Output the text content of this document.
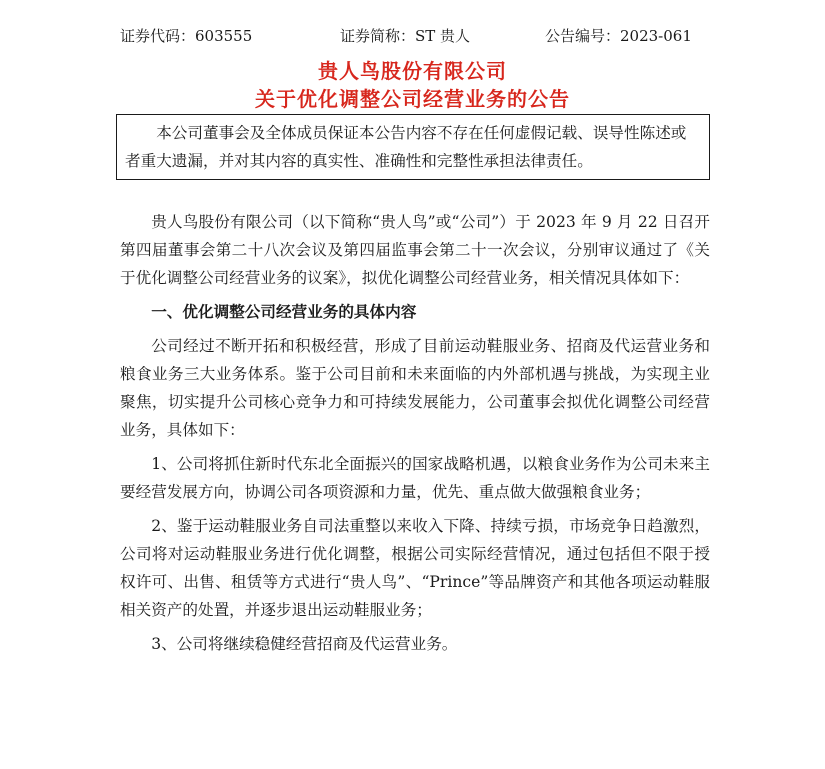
证券代码：603555	证券简称：ST 贵人	公告编号：2023-061
贵人鸟股份有限公司
关于优化调整公司经营业务的公告
本公司董事会及全体成员保证本公告内容不存在任何虚假记载、误导性陈述或者重大遗漏，并对其内容的真实性、准确性和完整性承担法律责任。

贵人鸟股份有限公司（以下简称“贵人鸟”或“公司”）于 2023 年 9 月 22 日召开第四届董事会第二十八次会议及第四届监事会第二十一次会议，分别审议通过了《关于优化调整公司经营业务的议案》，拟优化调整公司经营业务，相关情况具体如下：

一、优化调整公司经营业务的具体内容

公司经过不断开拓和积极经营，形成了目前运动鞋服业务、招商及代运营业务和粮食业务三大业务体系。鉴于公司目前和未来面临的内外部机遇与挑战，为实现主业聚焦，切实提升公司核心竞争力和可持续发展能力，公司董事会拟优化调整公司经营业务，具体如下：

1、公司将抓住新时代东北全面振兴的国家战略机遇，以粮食业务作为公司未来主要经营发展方向，协调公司各项资源和力量，优先、重点做大做强粮食业务；

2、鉴于运动鞋服业务自司法重整以来收入下降、持续亏损，市场竞争日趋激烈，公司将对运动鞋服业务进行优化调整，根据公司实际经营情况，通过包括但不限于授权许可、出售、租赁等方式进行“贵人鸟”、“Prince”等品牌资产和其他各项运动鞋服相关资产的处置，并逐步退出运动鞋服业务；

3、公司将继续稳健经营招商及代运营业务。
